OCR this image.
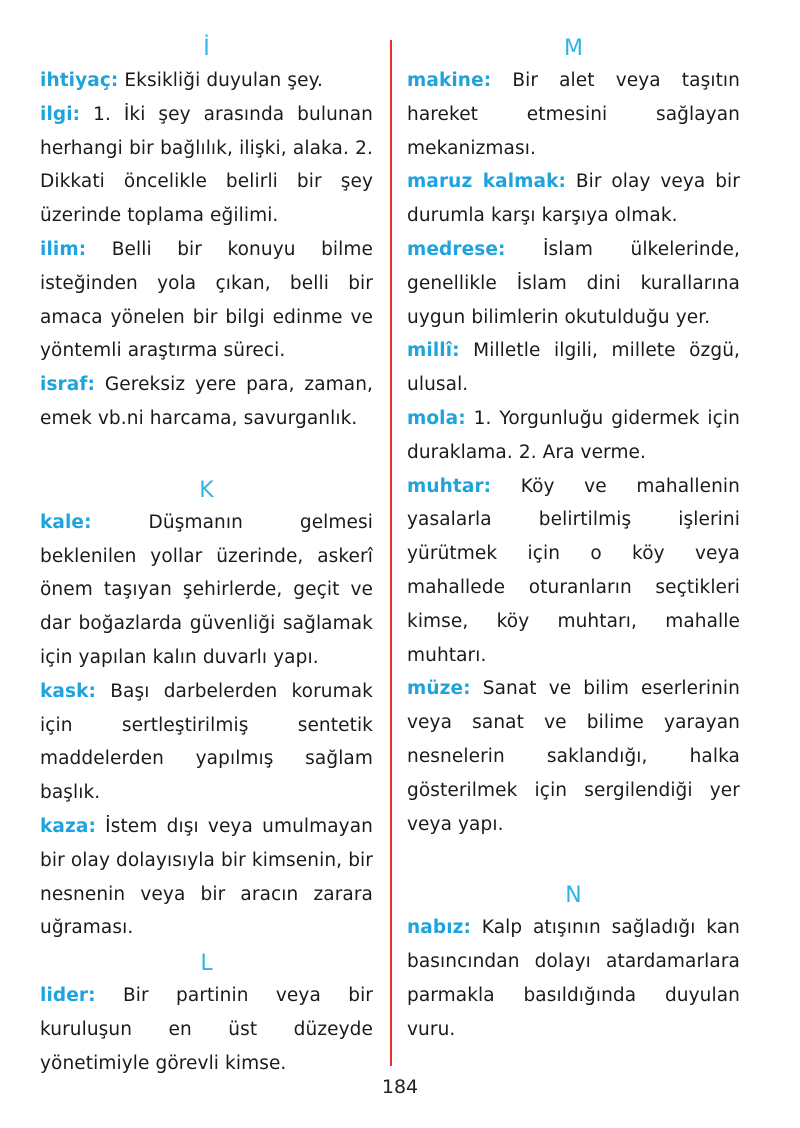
İ

ihtiyaç: Eksikliği duyulan şey.

ilgi: 1. İki şey arasında bulunan herhangi bir bağlılık, ilişki, alaka. 2. Dikkati öncelikle belirli bir şey üzerinde toplama eğilimi.

ilim: Belli bir konuyu bilme isteğinden yola çıkan, belli bir amaca yönelen bir bilgi edinme ve yöntemli araştırma süreci.

israf: Gereksiz yere para, zaman, emek vb.ni harcama, savurganlık.

K

kale:	Düşmanın gelmesi beklenilen yollar üzerinde, askerî önem taşıyan şehirlerde, geçit ve dar boğazlarda güvenliği sağlamak için yapılan kalın duvarlı yapı.

kask: Başı darbelerden korumak için sertleştirilmiş sentetik maddelerden yapılmış sağlam başlık.

kaza: İstem dışı veya umulmayan bir olay dolayısıyla bir kimsenin, bir nesnenin veya bir aracın zarara uğraması.

L

lider: Bir partinin veya bir kuruluşun en üst düzeyde yönetimiyle görevli kimse.

M

makine: Bir alet veya taşıtın hareket etmesini sağlayan mekanizması.

maruz kalmak: Bir olay veya bir durumla karşı karşıya olmak.

medrese: İslam ülkelerinde, genellikle İslam dini kurallarına uygun bilimlerin okutulduğu yer.

millî: Milletle ilgili, millete özgü, ulusal.

mola: 1. Yorgunluğu gidermek için duraklama. 2. Ara verme.

muhtar: Köy ve mahallenin yasalarla belirtilmiş işlerini yürütmek için o köy veya mahallede oturanların seçtikleri kimse, köy muhtarı, mahalle muhtarı.

müze: Sanat ve bilim eserlerinin veya sanat ve bilime yarayan nesnelerin saklandığı, halka gösterilmek için sergilendiği yer veya yapı.

N

nabız: Kalp atışının sağladığı kan basıncından dolayı atardamarlara parmakla basıldığında duyulan vuru.

184
